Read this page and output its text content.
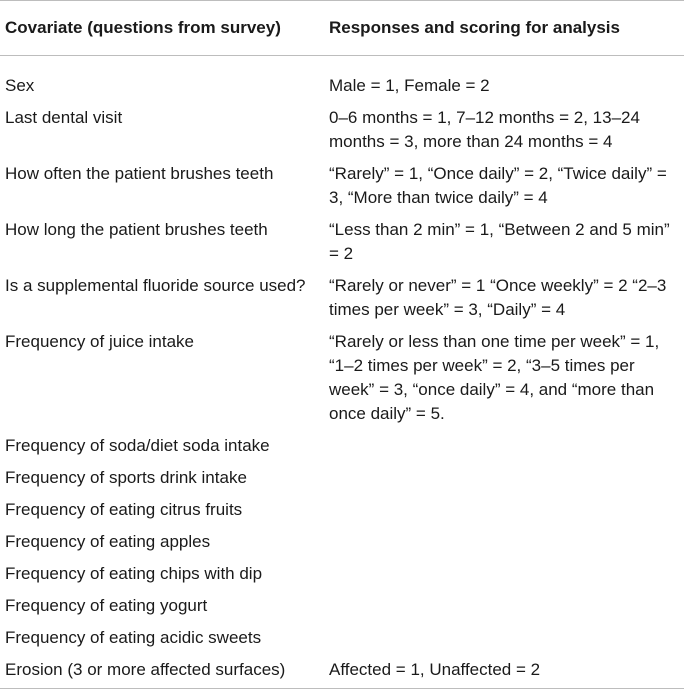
Covariate (questions from survey)	Responses and scoring for analysis
Sex	Male = 1, Female = 2
Last dental visit	0–6 months = 1, 7–12 months = 2, 13–24 months = 3, more than 24 months = 4
How often the patient brushes teeth	“Rarely” = 1, “Once daily” = 2, “Twice daily” = 3, “More than twice daily” = 4
How long the patient brushes teeth	“Less than 2 min” = 1, “Between 2 and 5 min” = 2
Is a supplemental fluoride source used?	“Rarely or never” = 1 “Once weekly” = 2 “2–3 times per week” = 3, “Daily” = 4
Frequency of juice intake	“Rarely or less than one time per week” = 1, “1–2 times per week” = 2, “3–5 times per week” = 3, “once daily” = 4, and “more than once daily” = 5.
Frequency of soda/diet soda intake	
Frequency of sports drink intake	
Frequency of eating citrus fruits	
Frequency of eating apples	
Frequency of eating chips with dip	
Frequency of eating yogurt	
Frequency of eating acidic sweets	
Erosion (3 or more affected surfaces)	Affected = 1, Unaffected = 2
